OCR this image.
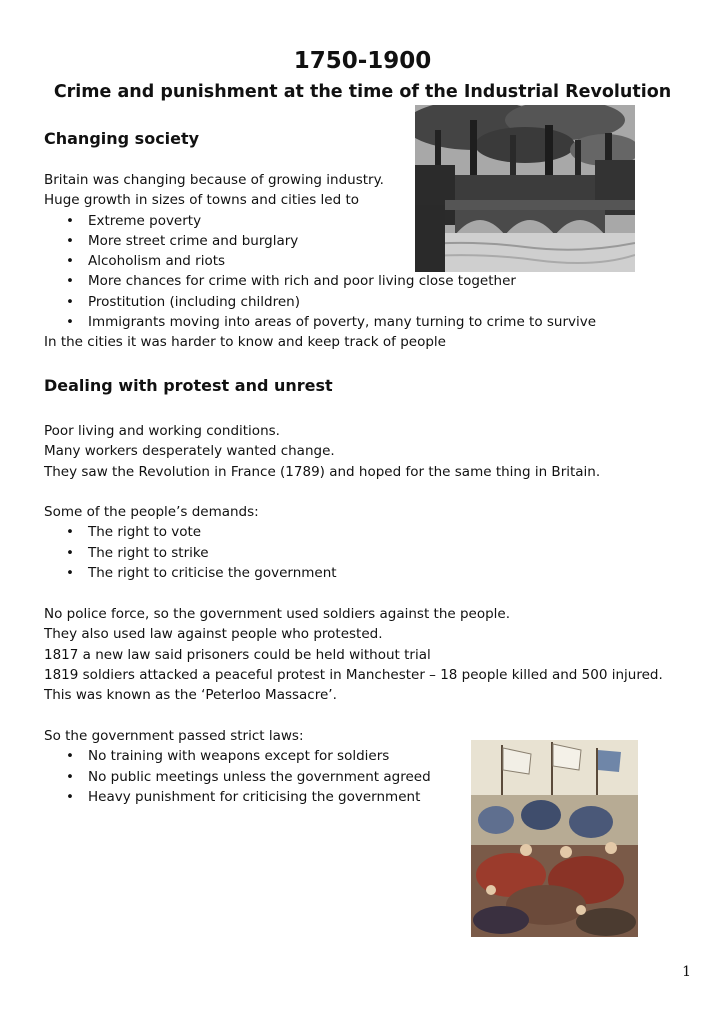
1750-1900
Crime and punishment at the time of the Industrial Revolution
Changing society

Britain was changing because of growing industry.

Huge growth in sizes of towns and cities led to

• Extreme poverty
• More street crime and burglary
• Alcoholism and riots
• More chances for crime with rich and poor living close together
• Prostitution (including children)
• Immigrants moving into areas of poverty, many turning to crime to survive

In the cities it was harder to know and keep track of people

Dealing with protest and unrest

Poor living and working conditions.

Many workers desperately wanted change.

They saw the Revolution in France (1789) and hoped for the same thing in Britain.

Some of the people’s demands:

• The right to vote
• The right to strike
• The right to criticise the government

No police force, so the government used soldiers against the people.

They also used law against people who protested.

1817 a new law said prisoners could be held without trial

1819 soldiers attacked a peaceful protest in Manchester – 18 people killed and 500 injured.

This was known as the ‘Peterloo Massacre’.

So the government passed strict laws:

• No training with weapons except for soldiers
• No public meetings unless the government agreed
• Heavy punishment for criticising the government
1
